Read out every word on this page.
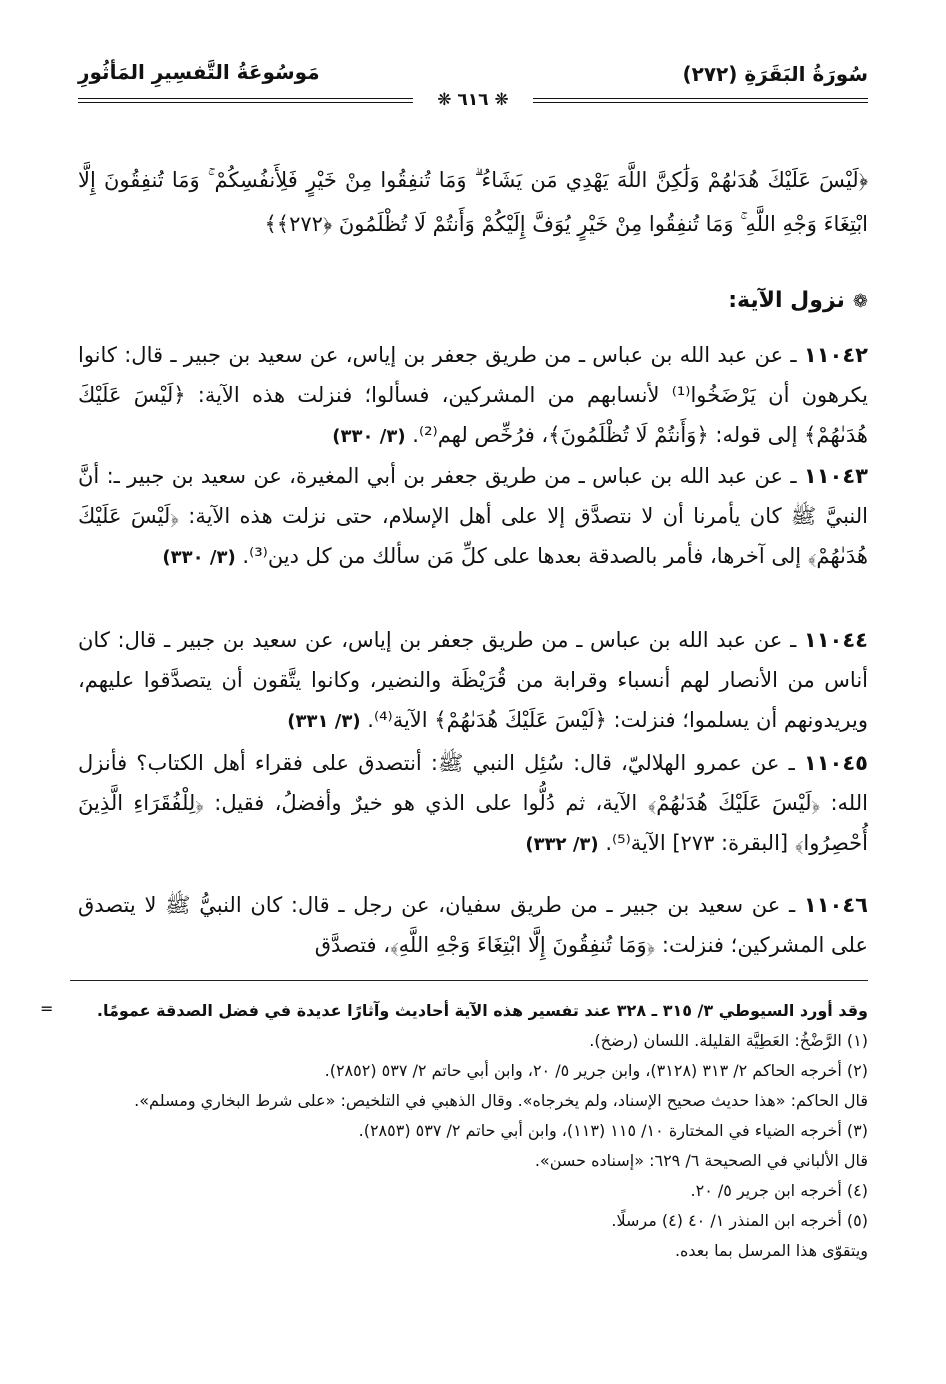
سُورَةُ البَقَرَةِ (٢٧٢)
مَوسُوعَةُ التَّفسِيرِ المَأثُورِ
❋ ٦١٦ ❋
﴿لَيْسَ عَلَيْكَ هُدَىٰهُمْ وَلَٰكِنَّ اللَّهَ يَهْدِي مَن يَشَاءُ ۗ وَمَا تُنفِقُوا مِنْ خَيْرٍ فَلِأَنفُسِكُمْ ۚ وَمَا تُنفِقُونَ إِلَّا ابْتِغَاءَ وَجْهِ اللَّهِ ۚ وَمَا تُنفِقُوا مِنْ خَيْرٍ يُوَفَّ إِلَيْكُمْ وَأَنتُمْ لَا تُظْلَمُونَ ﴿٢٧٢﴾﴾
❁نزول الآية:
١١٠٤٢ ـ عن عبد الله بن عباس ـ من طريق جعفر بن إياس، عن سعيد بن جبير ـ قال: كانوا يكرهون أن يَرْضَخُوا⁽¹⁾ لأنسابهم من المشركين، فسألوا؛ فنزلت هذه الآية: ﴿لَيْسَ عَلَيْكَ هُدَىٰهُمْ﴾ إلى قوله: ﴿وَأَنتُمْ لَا تُظْلَمُونَ﴾، فرُخِّص لهم⁽²⁾. (٣/ ٣٣٠)
١١٠٤٣ ـ عن عبد الله بن عباس ـ من طريق جعفر بن أبي المغيرة، عن سعيد بن جبير ـ: أنَّ النبيَّ ﷺ كان يأمرنا أن لا نتصدَّق إلا على أهل الإسلام، حتى نزلت هذه الآية: ﴿لَيْسَ عَلَيْكَ هُدَىٰهُمْ﴾ إلى آخرها، فأمر بالصدقة بعدها على كلِّ مَن سألك من كل دين⁽³⁾. (٣/ ٣٣٠)
١١٠٤٤ ـ عن عبد الله بن عباس ـ من طريق جعفر بن إياس، عن سعيد بن جبير ـ قال: كان أناس من الأنصار لهم أنسباء وقرابة من قُرَيْظَة والنضير، وكانوا يتَّقون أن يتصدَّقوا عليهم، ويريدونهم أن يسلموا؛ فنزلت: ﴿لَيْسَ عَلَيْكَ هُدَىٰهُمْ﴾ الآية⁽⁴⁾. (٣/ ٣٣١)
١١٠٤٥ ـ عن عمرو الهلاليّ، قال: سُئِل النبي ﷺ: أنتصدق على فقراء أهل الكتاب؟ فأنزل الله: ﴿لَيْسَ عَلَيْكَ هُدَىٰهُمْ﴾ الآية، ثم دُلُّوا على الذي هو خيرٌ وأفضلُ، فقيل: ﴿لِلْفُقَرَاءِ الَّذِينَ أُحْصِرُوا﴾ [البقرة: ٢٧٣] الآية⁽⁵⁾. (٣/ ٣٣٢)
١١٠٤٦ ـ عن سعيد بن جبير ـ من طريق سفيان، عن رجل ـ قال: كان النبيُّ ﷺ لا يتصدق على المشركين؛ فنزلت: ﴿وَمَا تُنفِقُونَ إِلَّا ابْتِغَاءَ وَجْهِ اللَّهِ﴾، فتصدَّق
=	وقد أورد السيوطي ٣/ ٣١٥ ـ ٣٢٨ عند تفسير هذه الآية أحاديث وآثارًا عديدة في فضل الصدقة عمومًا.
(١) الرَّضْخُ: العَطِيَّة القليلة. اللسان (رضخ).
(٢) أخرجه الحاكم ٢/ ٣١٣ (٣١٢٨)، وابن جرير ٥/ ٢٠، وابن أبي حاتم ٢/ ٥٣٧ (٢٨٥٢).
قال الحاكم: «هذا حديث صحيح الإسناد، ولم يخرجاه». وقال الذهبي في التلخيص: «على شرط البخاري ومسلم».
(٣) أخرجه الضياء في المختارة ١٠/ ١١٥ (١١٣)، وابن أبي حاتم ٢/ ٥٣٧ (٢٨٥٣).
قال الألباني في الصحيحة ٦/ ٦٢٩: «إسناده حسن».
(٤) أخرجه ابن جرير ٥/ ٢٠.
(٥) أخرجه ابن المنذر ١/ ٤٠ (٤) مرسلًا.
ويتقوّى هذا المرسل بما بعده.
